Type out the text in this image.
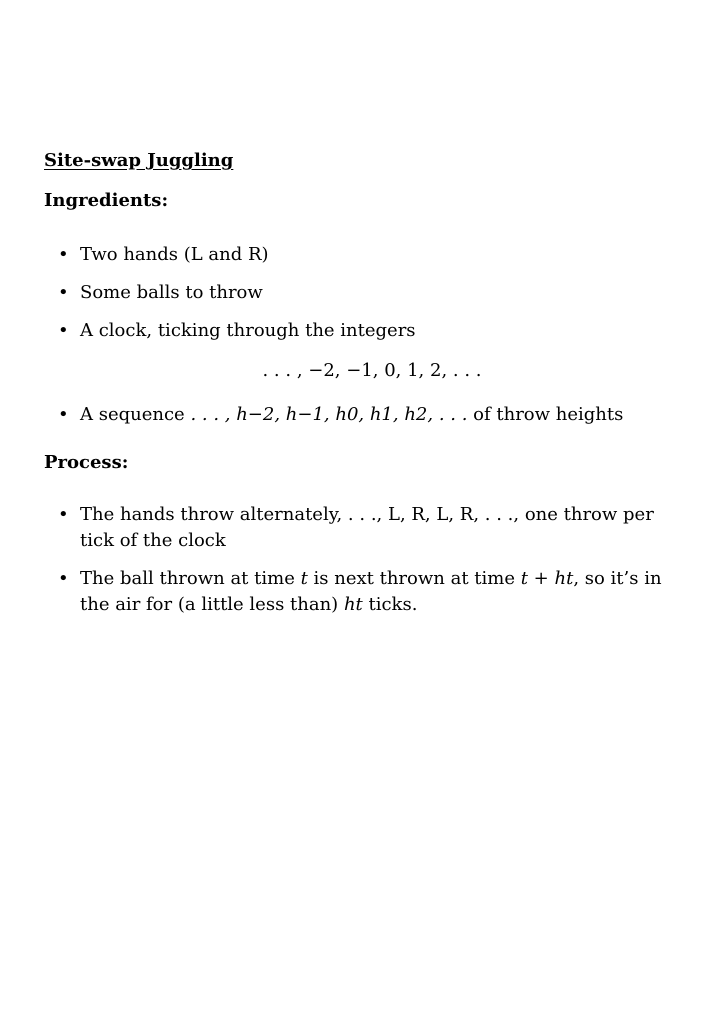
Site-swap Juggling

Ingredients:

• Two hands (L and R)
• Some balls to throw
• A clock, ticking through the integers
. . . , −2, −1, 0, 1, 2, . . .
• A sequence . . . , h−2, h−1, h0, h1, h2, . . . of throw heights

Process:

• The hands throw alternately, . . ., L, R, L, R, . . ., one throw per tick of the clock
• The ball thrown at time t is next thrown at time t + ht, so it’s in the air for (a little less than) ht ticks.
